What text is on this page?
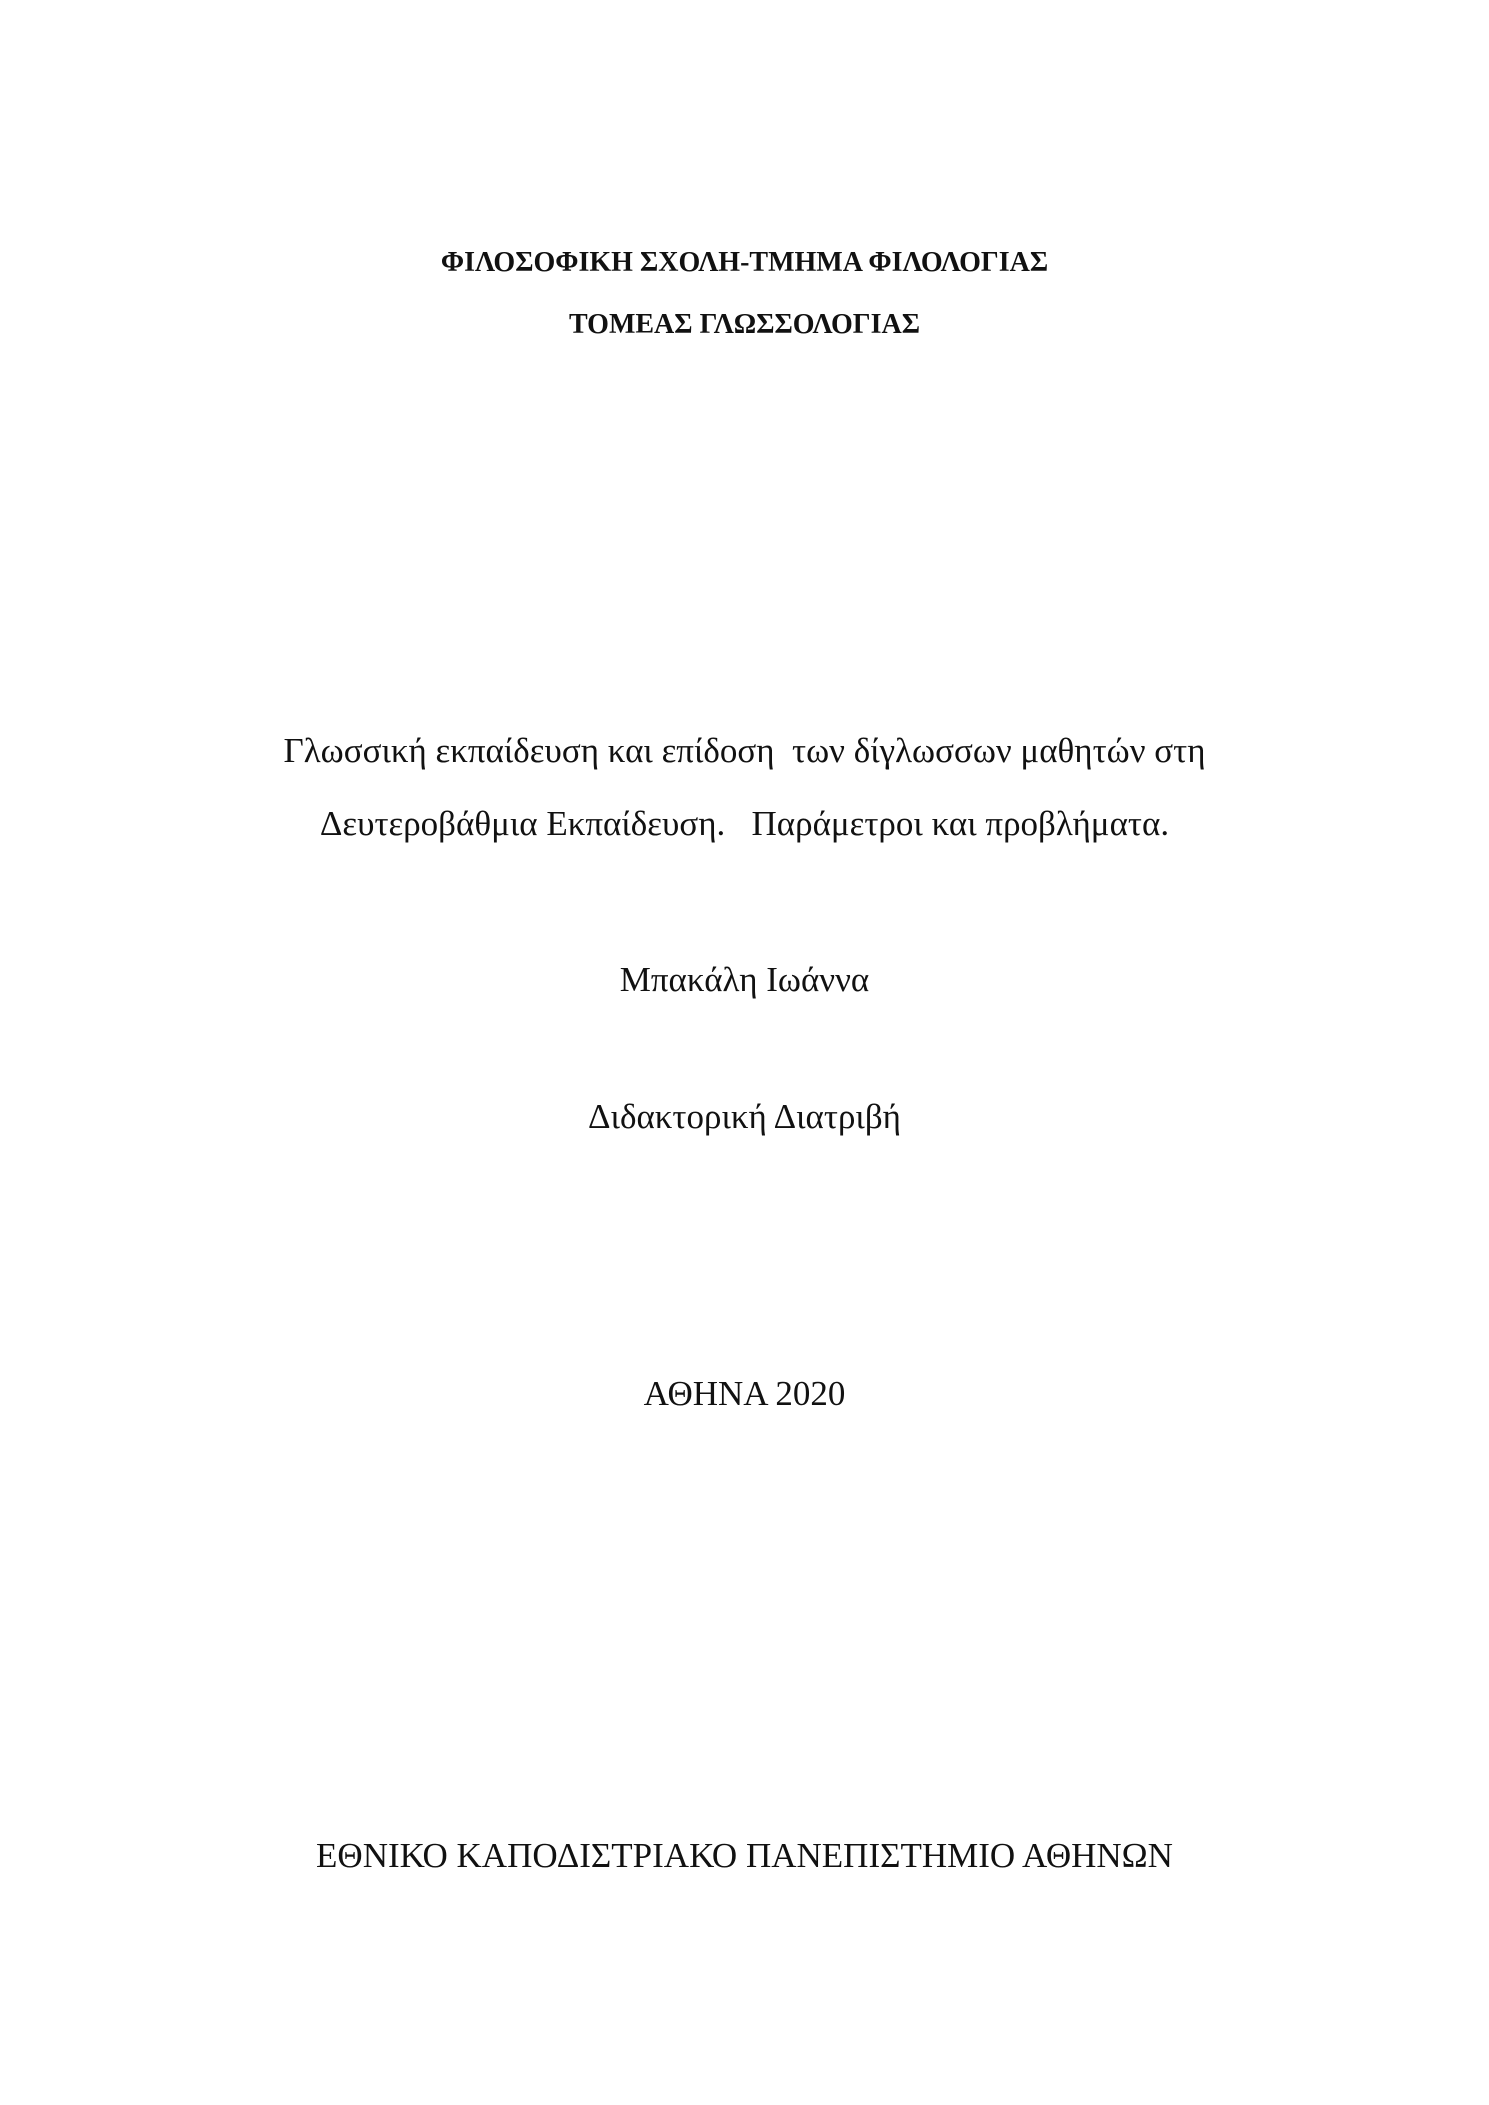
ΦΙΛΟΣΟΦΙΚΗ ΣΧΟΛΗ-ΤΜΗΜΑ ΦΙΛΟΛΟΓΙΑΣ
ΤΟΜΕΑΣ ΓΛΩΣΣΟΛΟΓΙΑΣ
Γλωσσική εκπαίδευση και επίδοση  των δίγλωσσων μαθητών στη
Δευτεροβάθμια Εκπαίδευση.   Παράμετροι και προβλήματα.
Μπακάλη Ιωάννα
Διδακτορική Διατριβή
ΑΘΗΝΑ 2020
ΕΘΝΙΚΟ ΚΑΠΟΔΙΣΤΡΙΑΚΟ ΠΑΝΕΠΙΣΤΗΜΙΟ ΑΘΗΝΩΝ
